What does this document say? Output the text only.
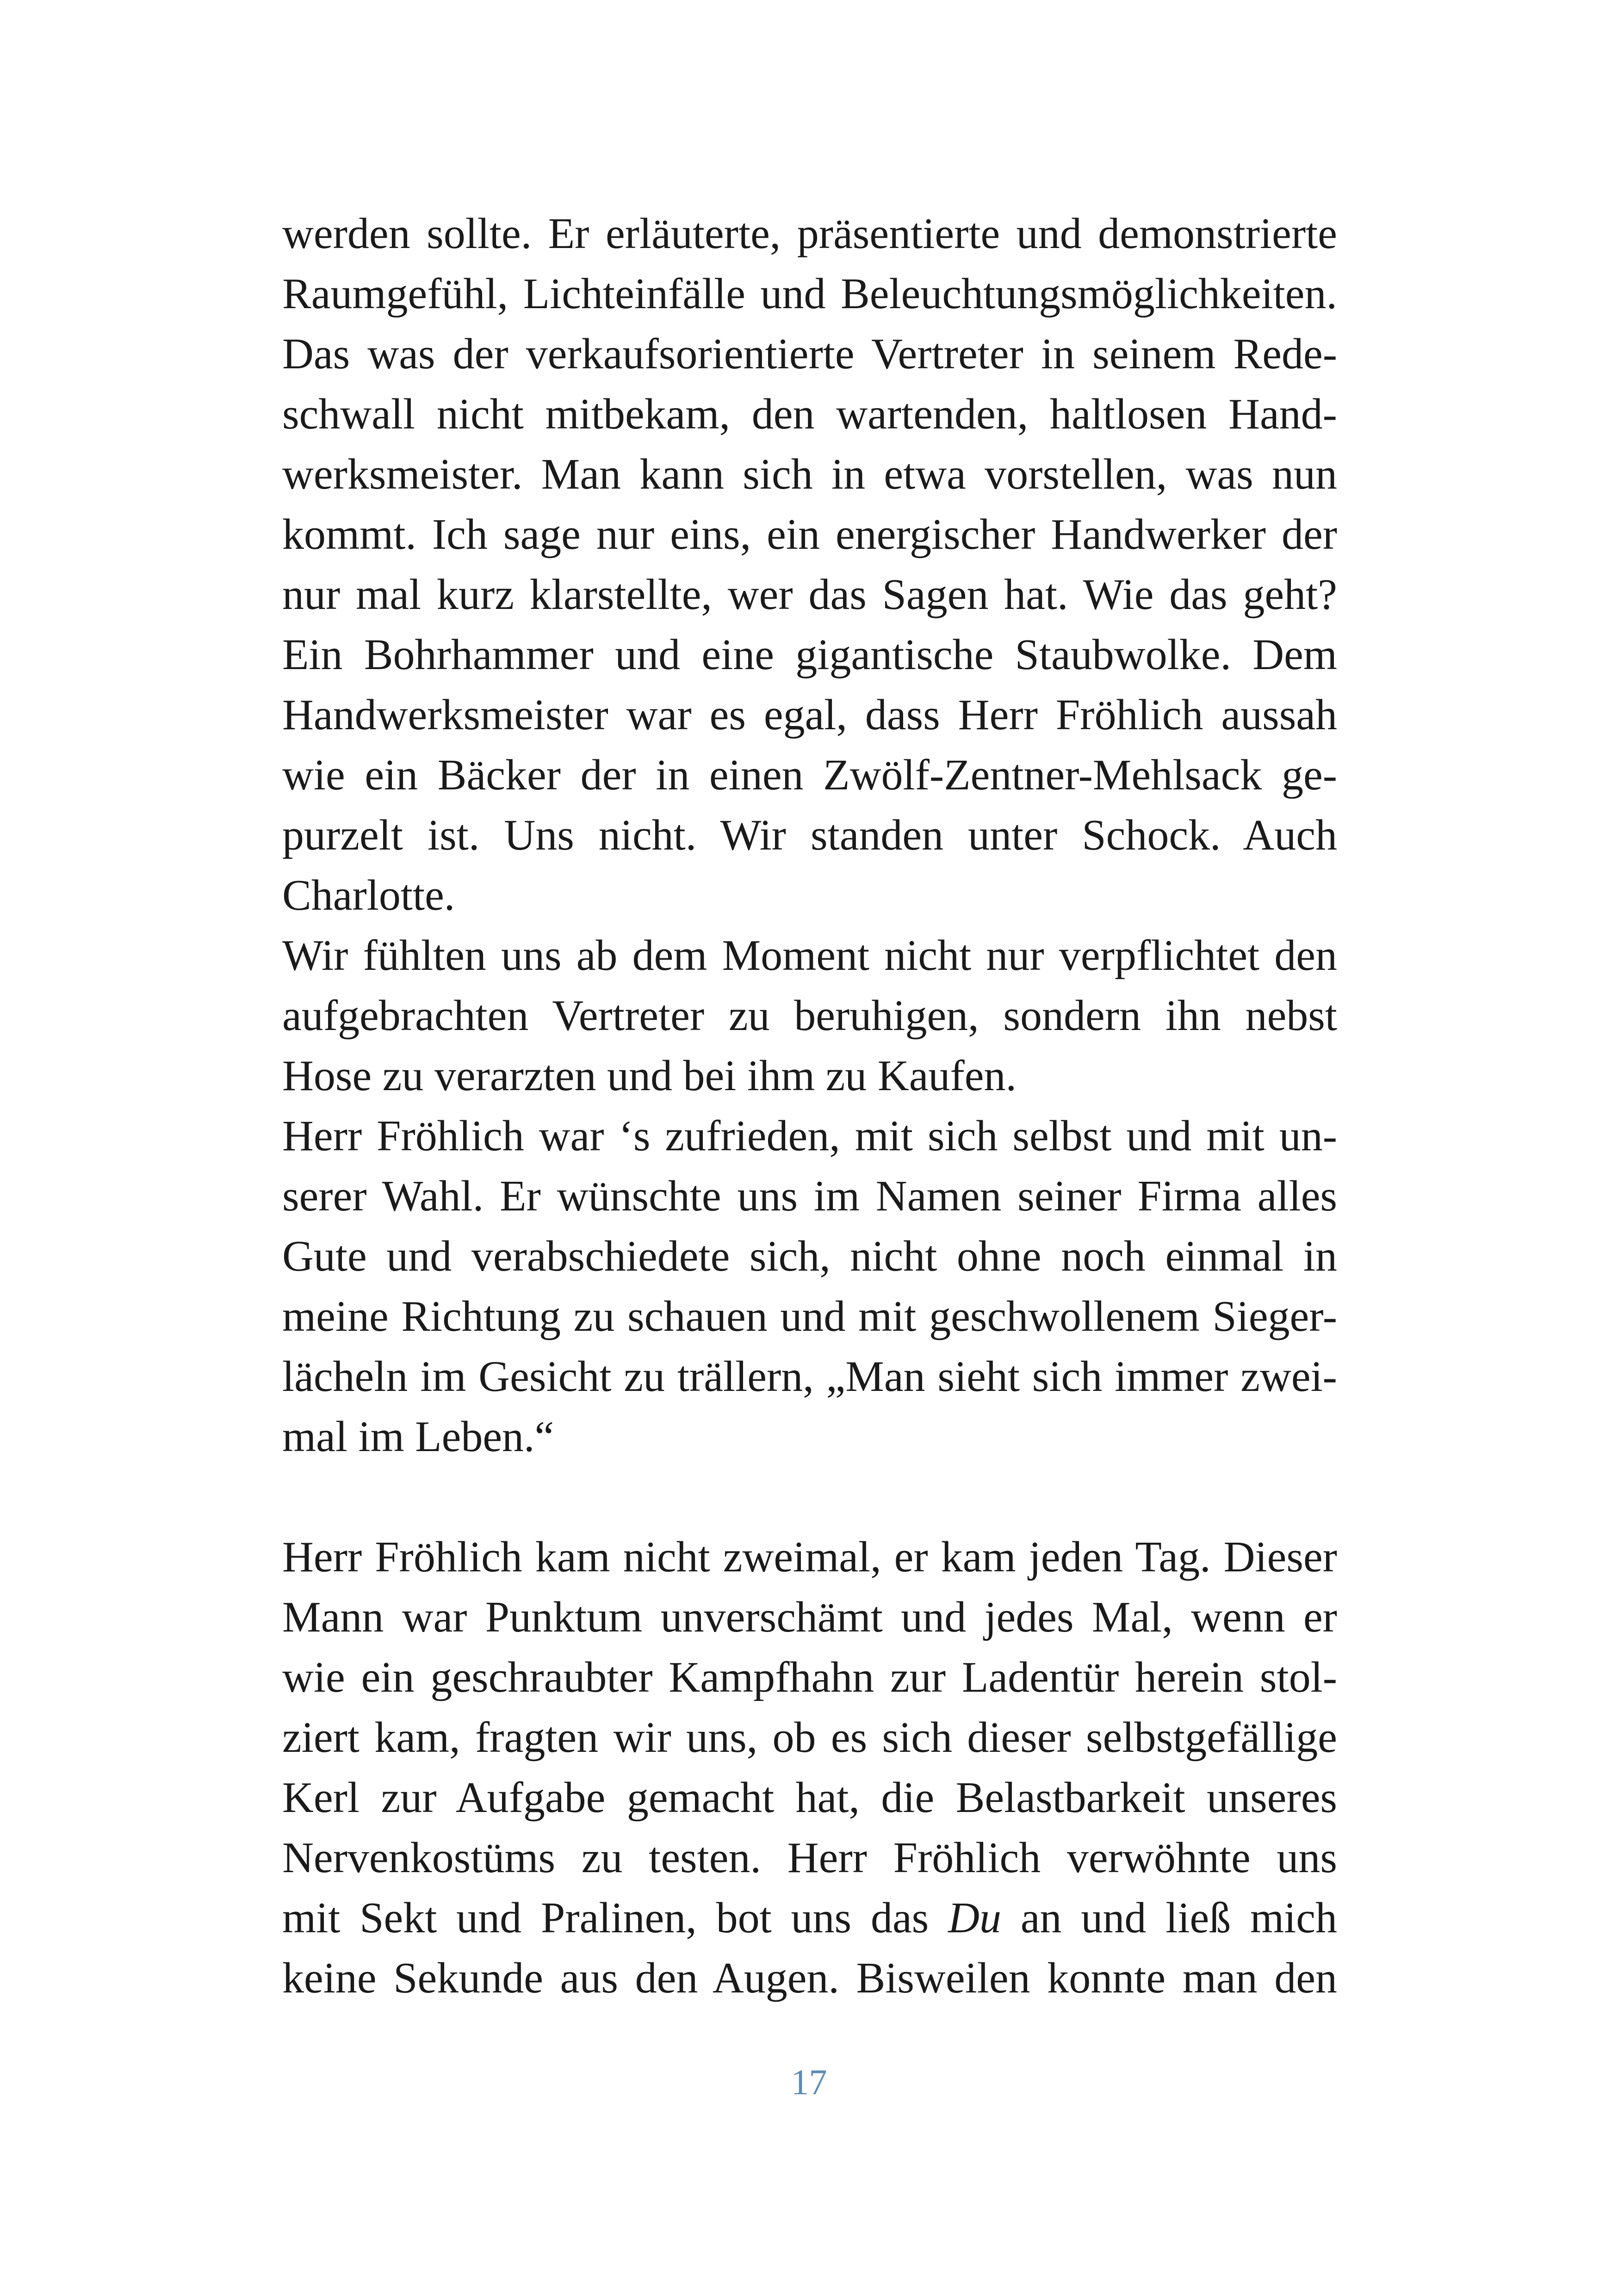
werden sollte. Er erläuterte, präsentierte und demonstrierte
Raumgefühl, Lichteinfälle und Beleuchtungsmöglichkeiten.
Das was der verkaufsorientierte Vertreter in seinem Rede-
schwall nicht mitbekam, den wartenden, haltlosen Hand-
werksmeister. Man kann sich in etwa vorstellen, was nun
kommt. Ich sage nur eins, ein energischer Handwerker der
nur mal kurz klarstellte, wer das Sagen hat. Wie das geht?
Ein Bohrhammer und eine gigantische Staubwolke. Dem
Handwerksmeister war es egal, dass Herr Fröhlich aussah
wie ein Bäcker der in einen Zwölf-Zentner-Mehlsack ge-
purzelt ist. Uns nicht. Wir standen unter Schock. Auch
Charlotte.
Wir fühlten uns ab dem Moment nicht nur verpflichtet den
aufgebrachten Vertreter zu beruhigen, sondern ihn nebst
Hose zu verarzten und bei ihm zu Kaufen.
Herr Fröhlich war ‘s zufrieden, mit sich selbst und mit un-
serer Wahl. Er wünschte uns im Namen seiner Firma alles
Gute und verabschiedete sich, nicht ohne noch einmal in
meine Richtung zu schauen und mit geschwollenem Sieger-
lächeln im Gesicht zu trällern, „Man sieht sich immer zwei-
mal im Leben.“
Herr Fröhlich kam nicht zweimal, er kam jeden Tag. Dieser
Mann war Punktum unverschämt und jedes Mal, wenn er
wie ein geschraubter Kampfhahn zur Ladentür herein stol-
ziert kam, fragten wir uns, ob es sich dieser selbstgefällige
Kerl zur Aufgabe gemacht hat, die Belastbarkeit unseres
Nervenkostüms zu testen. Herr Fröhlich verwöhnte uns
mit Sekt und Pralinen, bot uns das Du an und ließ mich
keine Sekunde aus den Augen. Bisweilen konnte man den
17
